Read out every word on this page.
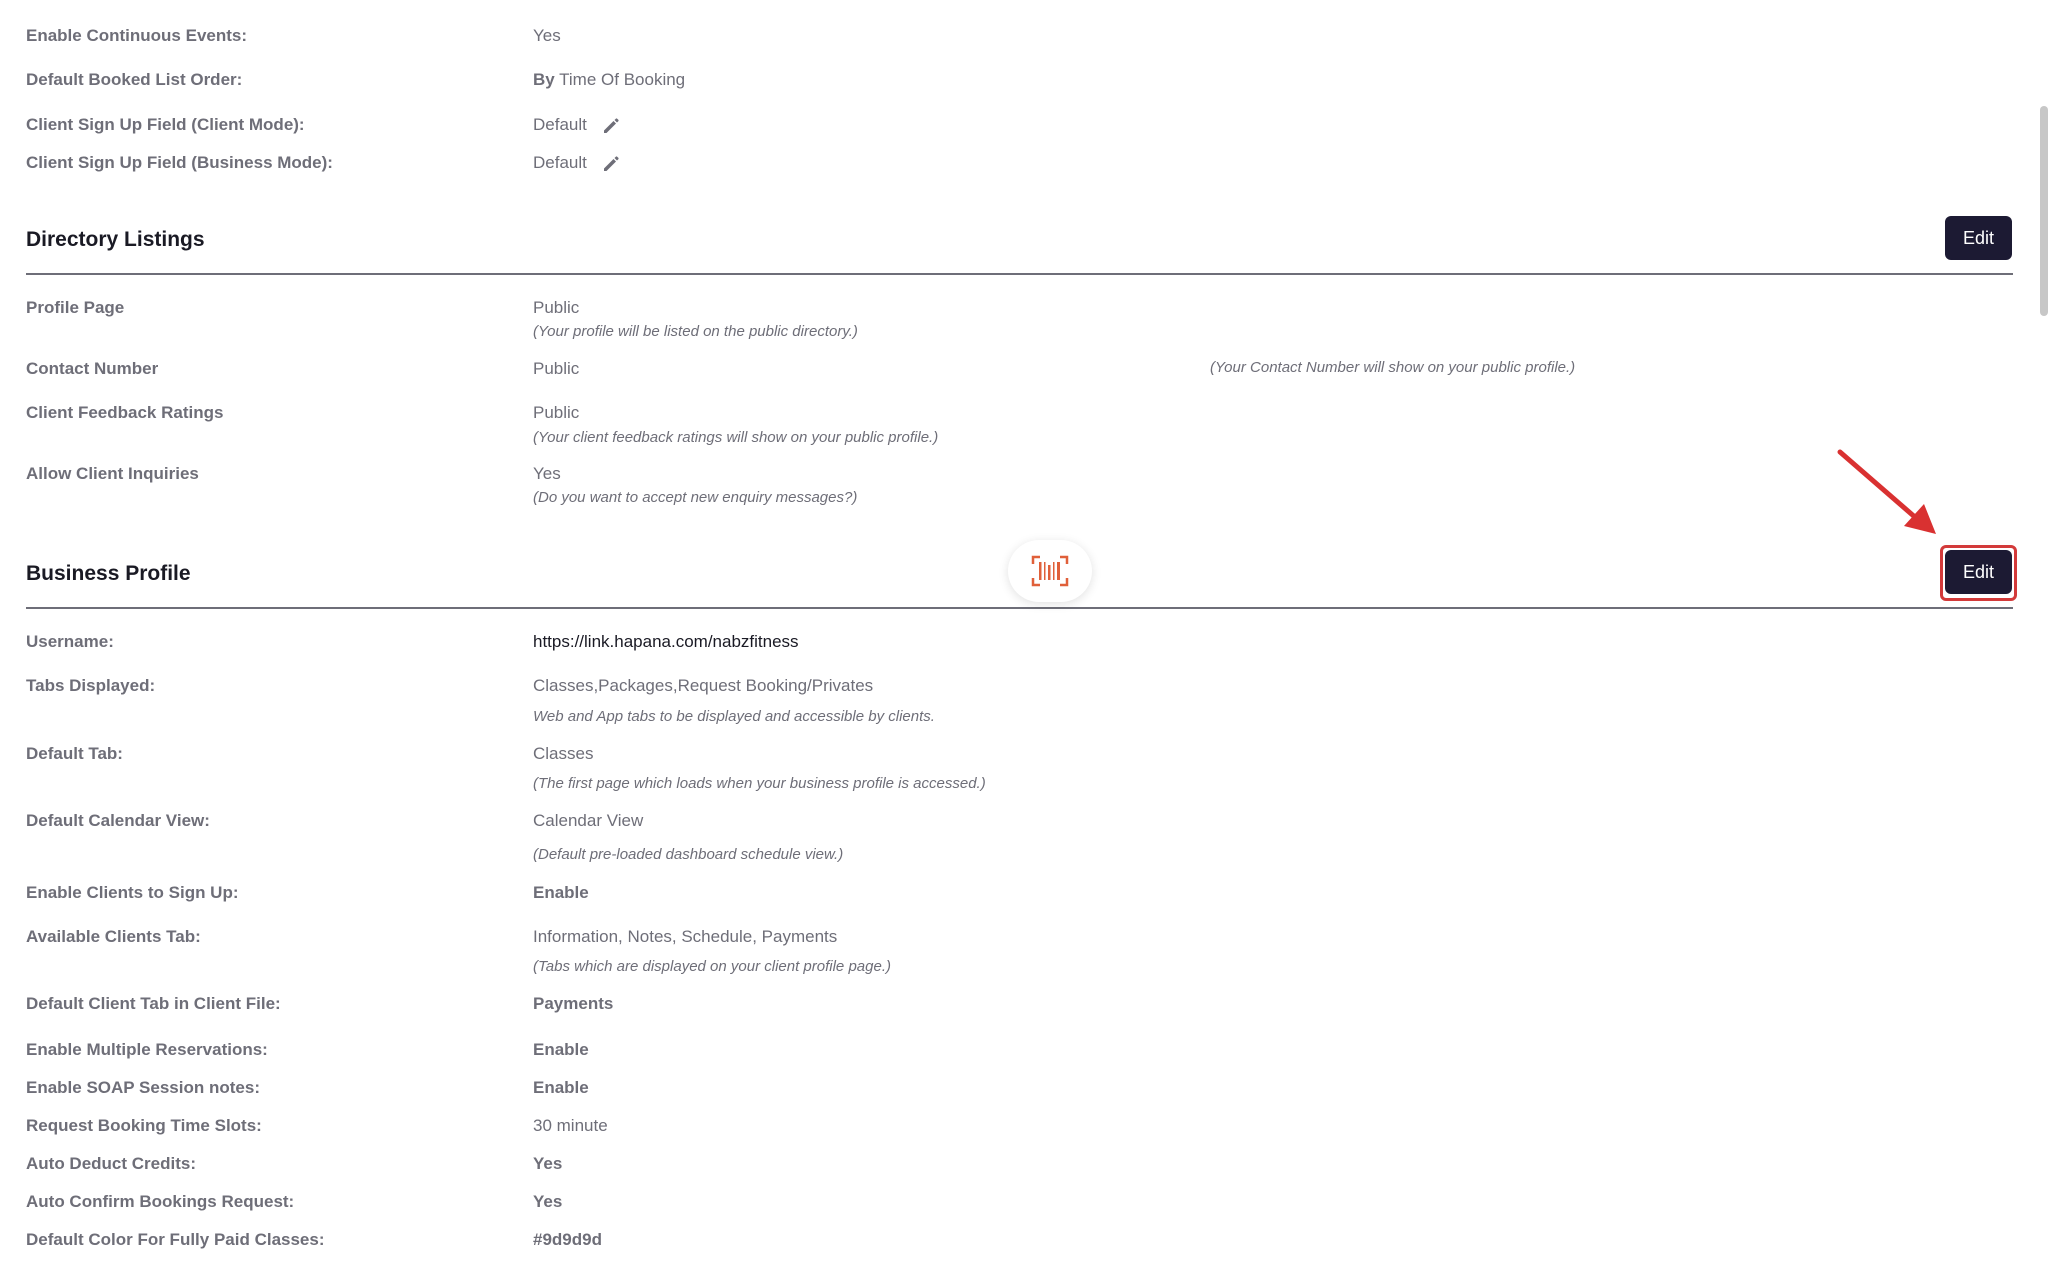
Enable Continuous Events:	Yes
Default Booked List Order:	By Time Of Booking
Client Sign Up Field (Client Mode):	Default
Client Sign Up Field (Business Mode):	Default
Directory Listings	Edit
Profile Page	Public
(Your profile will be listed on the public directory.)
Contact Number	Public	(Your Contact Number will show on your public profile.)
Client Feedback Ratings	Public
(Your client feedback ratings will show on your public profile.)
Allow Client Inquiries	Yes
(Do you want to accept new enquiry messages?)
Business Profile	Edit
Username:	https://link.hapana.com/nabzfitness
Tabs Displayed:	Classes,Packages,Request Booking/Privates
Web and App tabs to be displayed and accessible by clients.
Default Tab:	Classes
(The first page which loads when your business profile is accessed.)
Default Calendar View:	Calendar View
(Default pre-loaded dashboard schedule view.)
Enable Clients to Sign Up:	Enable
Available Clients Tab:	Information, Notes, Schedule, Payments
(Tabs which are displayed on your client profile page.)
Default Client Tab in Client File:	Payments
Enable Multiple Reservations:	Enable
Enable SOAP Session notes:	Enable
Request Booking Time Slots:	30 minute
Auto Deduct Credits:	Yes
Auto Confirm Bookings Request:	Yes
Default Color For Fully Paid Classes:	#9d9d9d
